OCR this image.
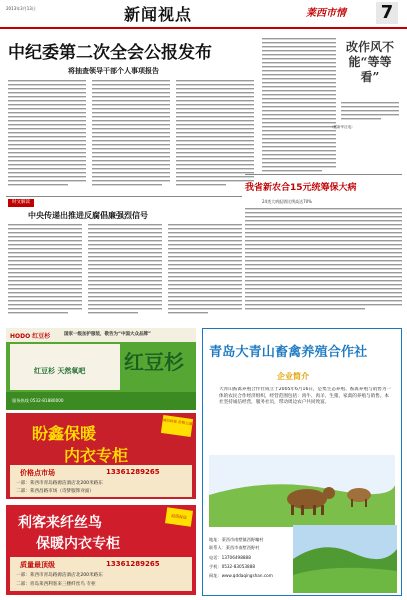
2013年3月13日	新闻视点	莱西市情 7
中纪委第二次全会公报发布
将抽查领导干部个人事项报告
改作风不能“等等看”
（据新华社电）
我省新农合15元统筹保大病
24类大病报销比例高达70%
时文解读
中央传递出推进反腐倡廉强烈信号
国家一级加护服装，敬告为“中国大众品牌”
HODO 红豆杉
红豆杉 天然氧吧 红豆杉
服务热线 0532-81880000
盼鑫保暖
内衣专柜
诚信经营 价格公道
价格点市场	13361289265
一部：莱西市青岛路源洁酒店北200米路东
二部：莱西昌路市场（诗梦服饰对面）
利客来纤丝鸟
保暖内衣专柜
品质保证
质量最顶级	13361289265
一部：莱西市青岛路源洁酒店北200米路东
二部：青岛莱西利客来三楼纤丝鸟 专柜
青岛大青山畜禽养殖合作社
企业简介
大青山畜禽养殖合作社成立于2005年6月16日，是集生态养殖、畜禽养殖与销售为一体的农民合作经济组织，经营范围包括：肉牛、肉羊、生猪、家禽的养殖与销售。本社坚持诚信经营，服务社员，带动周边农户共同致富。
地址：莱西市南墅镇西野疃村
联系人：莱西市南墅西野村
电话：13706498888
手机：0532-83053888
网址：www.qddaqingshan.com
